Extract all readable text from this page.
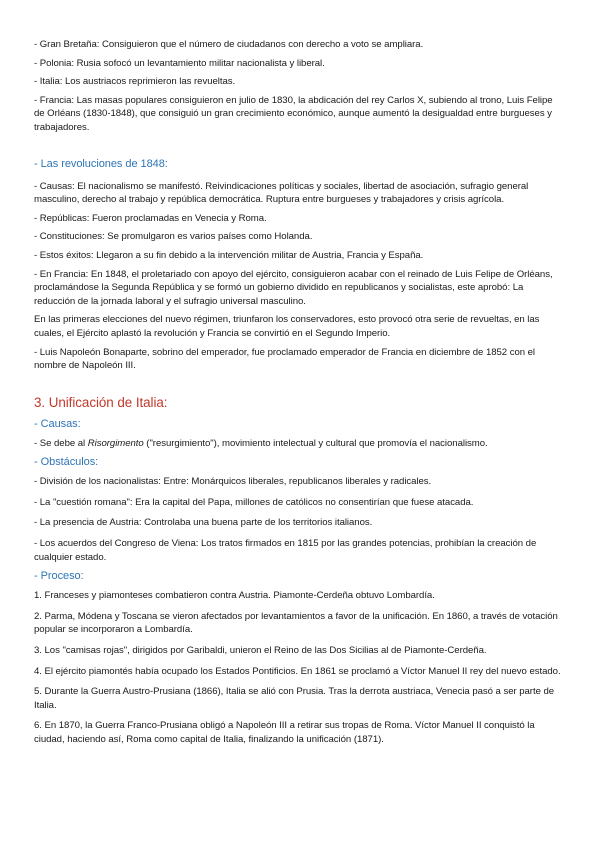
- Gran Bretaña: Consiguieron que el número de ciudadanos con derecho a voto se ampliara.

- Polonia: Rusia sofocó un levantamiento militar nacionalista y liberal.

- Italia: Los austriacos reprimieron las revueltas.

- Francia: Las masas populares consiguieron en julio de 1830, la abdicación del rey Carlos X, subiendo al trono, Luis Felipe de Orléans (1830-1848), que consiguió un gran crecimiento económico, aunque aumentó la desigualdad entre burgueses y trabajadores.

- Las revoluciones de 1848:

- Causas: El nacionalismo se manifestó. Reivindicaciones políticas y sociales, libertad de asociación, sufragio general masculino, derecho al trabajo y república democrática. Ruptura entre burgueses y trabajadores y crisis agrícola.

- Repúblicas: Fueron proclamadas en Venecia y Roma.

- Constituciones: Se promulgaron es varios países como Holanda.

- Estos éxitos: Llegaron a su fin debido a la intervención militar de Austria, Francia y España.

- En Francia: En 1848, el proletariado con apoyo del ejército, consiguieron acabar con el reinado de Luis Felipe de Orléans, proclamándose la Segunda República y se formó un gobierno dividido en republicanos y socialistas, este aprobó: La reducción de la jornada laboral y el sufragio universal masculino.

En las primeras elecciones del nuevo régimen, triunfaron los conservadores, esto provocó otra serie de revueltas, en las cuales, el Ejército aplastó la revolución y Francia se convirtió en el Segundo Imperio.

- Luis Napoleón Bonaparte, sobrino del emperador, fue proclamado emperador de Francia en diciembre de 1852 con el nombre de Napoleón III.

3. Unificación de Italia:

- Causas:

- Se debe al Risorgimento ("resurgimiento"), movimiento intelectual y cultural que promovía el nacionalismo.

- Obstáculos:

- División de los nacionalistas: Entre: Monárquicos liberales, republicanos liberales y radicales.

- La "cuestión romana": Era la capital del Papa, millones de católicos no consentirían que fuese atacada.

- La presencia de Austria: Controlaba una buena parte de los territorios italianos.

- Los acuerdos del Congreso de Viena: Los tratos firmados en 1815 por las grandes potencias, prohibían la creación de cualquier estado.

- Proceso:

1. Franceses y piamonteses combatieron contra Austria. Piamonte-Cerdeña obtuvo Lombardía.

2. Parma, Módena y Toscana se vieron afectados por levantamientos a favor de la unificación. En 1860, a través de votación popular se incorporaron a Lombardía.

3. Los "camisas rojas", dirigidos por Garibaldi, unieron el Reino de las Dos Sicilias al de Piamonte-Cerdeña.

4. El ejército piamontés había ocupado los Estados Pontificios. En 1861 se proclamó a Víctor Manuel II rey del nuevo estado.

5. Durante la Guerra Austro-Prusiana (1866), Italia se alió con Prusia. Tras la derrota austriaca, Venecia pasó a ser parte de Italia.

6. En 1870, la Guerra Franco-Prusiana obligó a Napoleón III a retirar sus tropas de Roma. Víctor Manuel II conquistó la ciudad, haciendo así, Roma como capital de Italia, finalizando la unificación (1871).
